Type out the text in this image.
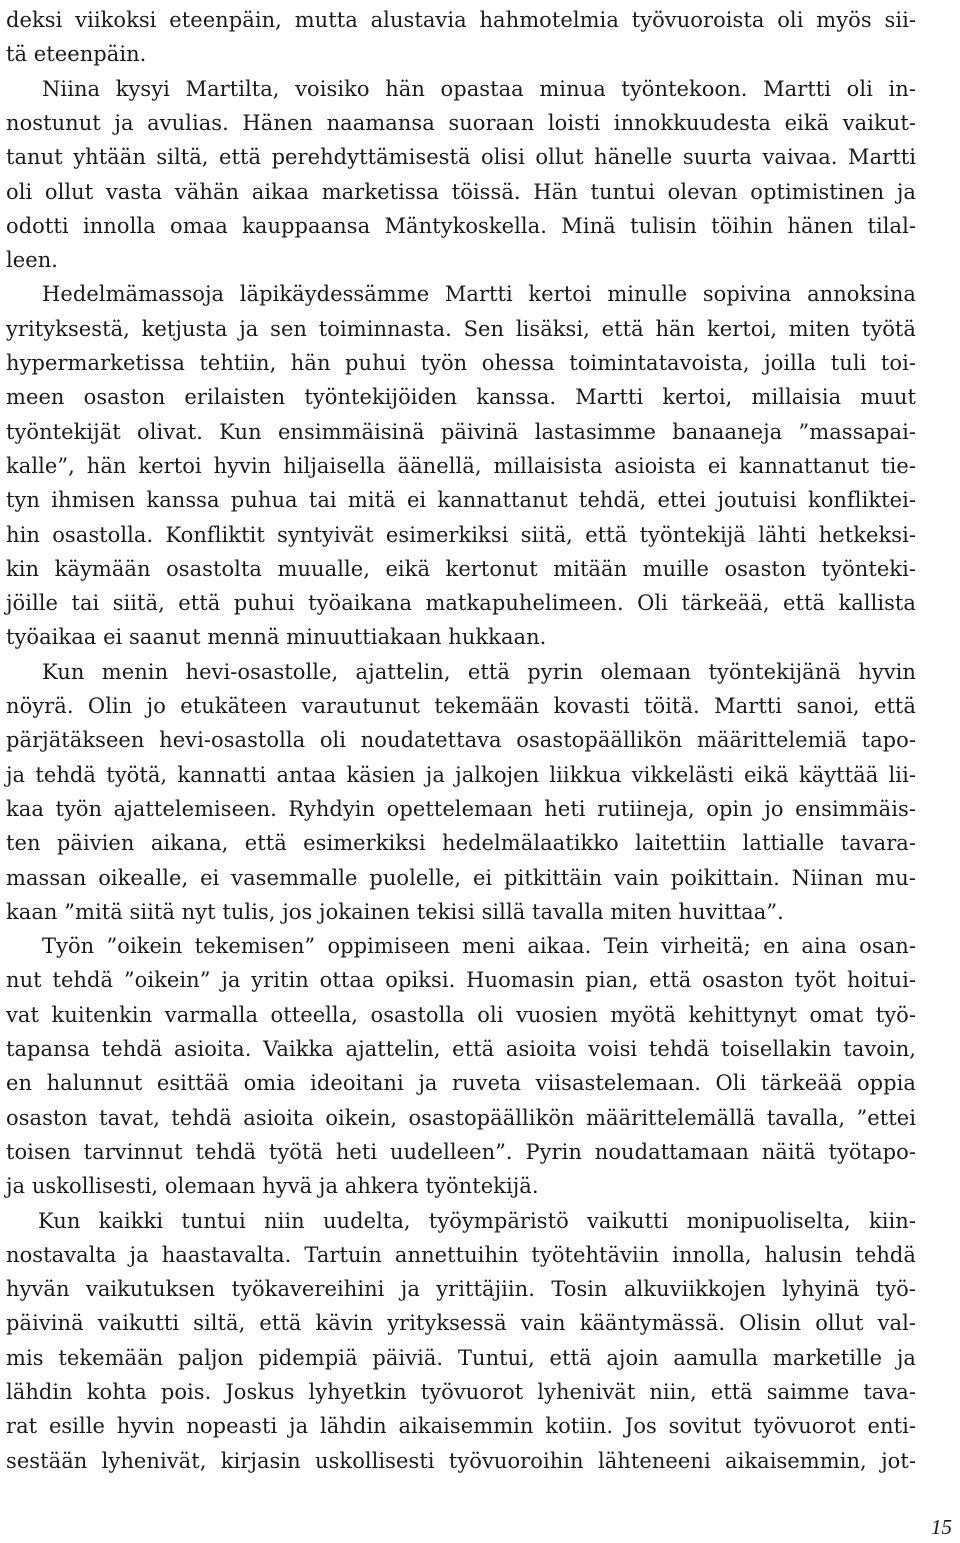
deksi viikoksi eteenpäin, mutta alustavia hahmotelmia työvuoroista oli myös sii-
tä eteenpäin.
Niina kysyi Martilta, voisiko hän opastaa minua työntekoon. Martti oli in-
nostunut ja avulias. Hänen naamansa suoraan loisti innokkuudesta eikä vaikut-
tanut yhtään siltä, että perehdyttämisestä olisi ollut hänelle suurta vaivaa. Martti
oli ollut vasta vähän aikaa marketissa töissä. Hän tuntui olevan optimistinen ja
odotti innolla omaa kauppaansa Mäntykoskella. Minä tulisin töihin hänen tilal-
leen.
Hedelmämassoja läpikäydessämme Martti kertoi minulle sopivina annoksina
yrityksestä, ketjusta ja sen toiminnasta. Sen lisäksi, että hän kertoi, miten työtä
hypermarketissa tehtiin, hän puhui työn ohessa toimintatavoista, joilla tuli toi-
meen osaston erilaisten työntekijöiden kanssa. Martti kertoi, millaisia muut
työntekijät olivat. Kun ensimmäisinä päivinä lastasimme banaaneja ”massapai-
kalle”, hän kertoi hyvin hiljaisella äänellä, millaisista asioista ei kannattanut tie-
tyn ihmisen kanssa puhua tai mitä ei kannattanut tehdä, ettei joutuisi konfliktei-
hin osastolla. Konfliktit syntyivät esimerkiksi siitä, että työntekijä lähti hetkeksi-
kin käymään osastolta muualle, eikä kertonut mitään muille osaston työnteki-
jöille tai siitä, että puhui työaikana matkapuhelimeen. Oli tärkeää, että kallista
työaikaa ei saanut mennä minuuttiakaan hukkaan.
Kun menin hevi-osastolle, ajattelin, että pyrin olemaan työntekijänä hyvin
nöyrä. Olin jo etukäteen varautunut tekemään kovasti töitä. Martti sanoi, että
pärjätäkseen hevi-osastolla oli noudatettava osastopäällikön määrittelemiä tapo-
ja tehdä työtä, kannatti antaa käsien ja jalkojen liikkua vikkelästi eikä käyttää lii-
kaa työn ajattelemiseen. Ryhdyin opettelemaan heti rutiineja, opin jo ensimmäis-
ten päivien aikana, että esimerkiksi hedelmälaatikko laitettiin lattialle tavara-
massan oikealle, ei vasemmalle puolelle, ei pitkittäin vain poikittain. Niinan mu-
kaan ”mitä siitä nyt tulis, jos jokainen tekisi sillä tavalla miten huvittaa”.
Työn ”oikein tekemisen” oppimiseen meni aikaa. Tein virheitä; en aina osan-
nut tehdä ”oikein” ja yritin ottaa opiksi. Huomasin pian, että osaston työt hoitui-
vat kuitenkin varmalla otteella, osastolla oli vuosien myötä kehittynyt omat työ-
tapansa tehdä asioita. Vaikka ajattelin, että asioita voisi tehdä toisellakin tavoin,
en halunnut esittää omia ideoitani ja ruveta viisastelemaan. Oli tärkeää oppia
osaston tavat, tehdä asioita oikein, osastopäällikön määrittelemällä tavalla, ”ettei
toisen tarvinnut tehdä työtä heti uudelleen”. Pyrin noudattamaan näitä työtapo-
ja uskollisesti, olemaan hyvä ja ahkera työntekijä.
Kun kaikki tuntui niin uudelta, työympäristö vaikutti monipuoliselta, kiin-
nostavalta ja haastavalta. Tartuin annettuihin työtehtäviin innolla, halusin tehdä
hyvän vaikutuksen työkavereihini ja yrittäjiin. Tosin alkuviikkojen lyhyinä työ-
päivinä vaikutti siltä, että kävin yrityksessä vain kääntymässä. Olisin ollut val-
mis tekemään paljon pidempiä päiviä. Tuntui, että ajoin aamulla marketille ja
lähdin kohta pois. Joskus lyhyetkin työvuorot lyhenivät niin, että saimme tava-
rat esille hyvin nopeasti ja lähdin aikaisemmin kotiin. Jos sovitut työvuorot enti-
sestään lyhenivät, kirjasin uskollisesti työvuoroihin lähteneeni aikaisemmin, jot-
15
